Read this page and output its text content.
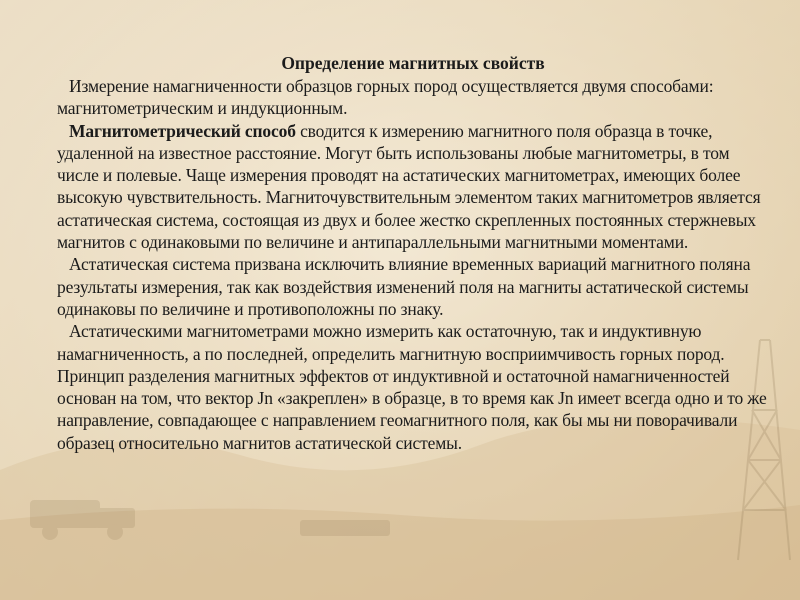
Определение магнитных свойств

Измерение намагниченности образцов горных пород осуществляется двумя способами: магнитометрическим и индукционным.

Магнитометрический способ сводится к измерению магнитного поля образца в точке, удаленной на известное расстояние. Могут быть использованы любые магнитометры, в том числе и полевые. Чаще измерения проводят на астатических магнитометрах, имеющих более высокую чувствительность. Магниточувствительным элементом таких магнитометров является астатическая система, состоящая из двух и более жестко скрепленных постоянных стержневых магнитов с одинаковыми по величине и антипараллельными магнитными моментами.

Астатическая система призвана исключить влияние временных вариаций магнитного поляна результаты измерения, так как воздействия изменений поля на магниты астатической системы одинаковы по величине и противоположны по знаку.

Астатическими магнитометрами можно измерить как остаточную, так и индуктивную намагниченность, а по последней, определить магнитную восприимчивость горных пород. Принцип разделения магнитных эффектов от индуктивной и остаточной намагниченностей основан на том, что вектор Jn «закреплен» в образце, в то время как Jn имеет всегда одно и то же направление, совпадающее с направлением геомагнитного поля, как бы мы ни поворачивали образец относительно магнитов астатической системы.
